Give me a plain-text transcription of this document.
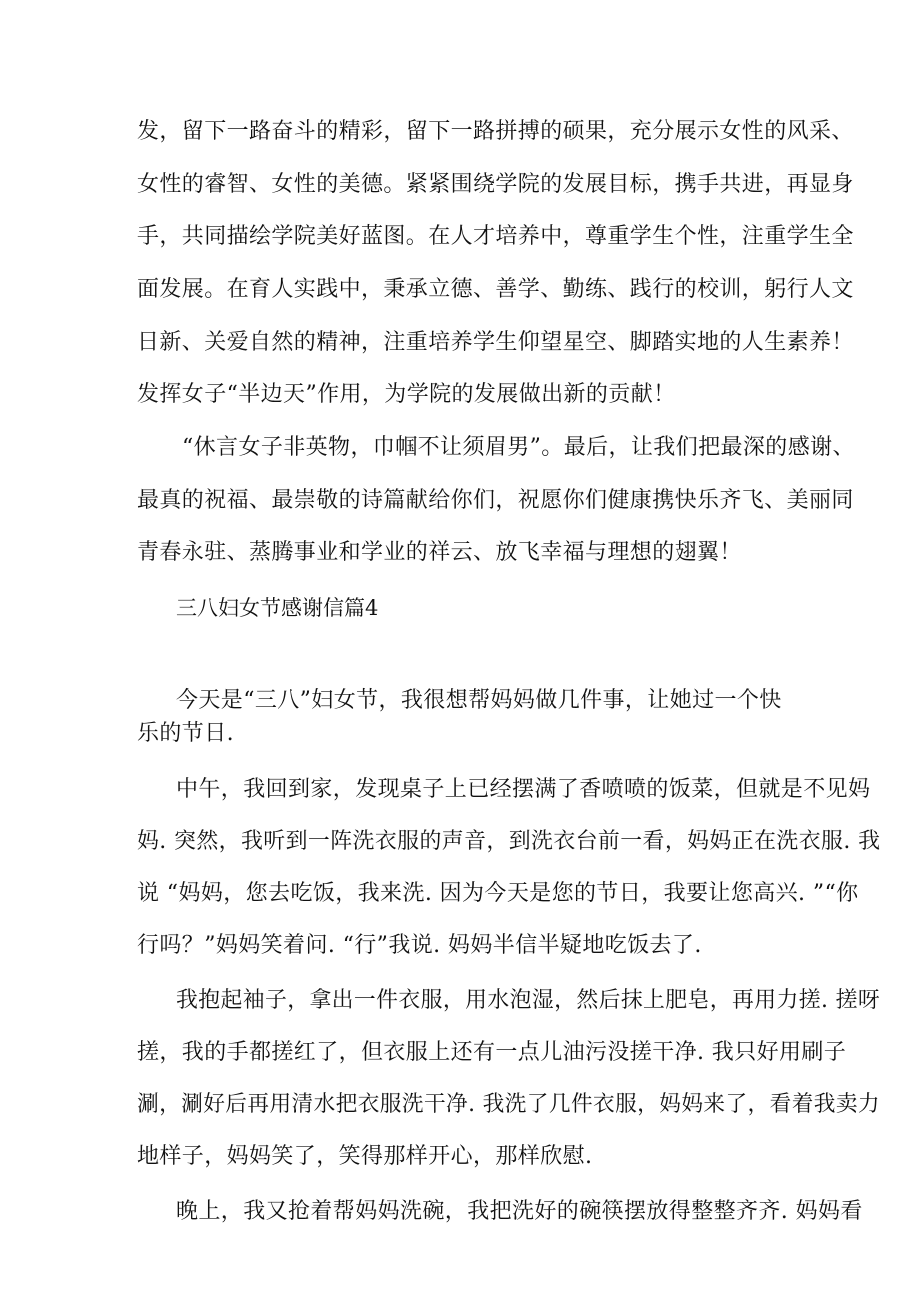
发，留下一路奋斗的精彩，留下一路拼搏的硕果，充分展示女性的风采、
女性的睿智、女性的美德。紧紧围绕学院的发展目标，携手共进，再显身
手，共同描绘学院美好蓝图。在人才培养中，尊重学生个性，注重学生全
面发展。在育人实践中，秉承立德、善学、勤练、践行的校训，躬行人文
日新、关爱自然的精神，注重培养学生仰望星空、脚踏实地的人生素养！
发挥女子“半边天”作用，为学院的发展做出新的贡献！
“休言女子非英物，巾帼不让须眉男”。最后，让我们把最深的感谢、
最真的祝福、最崇敬的诗篇献给你们，祝愿你们健康携快乐齐飞、美丽同
青春永驻、蒸腾事业和学业的祥云、放飞幸福与理想的翅翼！
三八妇女节感谢信篇4
今天是“三八”妇女节，我很想帮妈妈做几件事，让她过一个快
乐的节日.
中午，我回到家，发现桌子上已经摆满了香喷喷的饭菜，但就是不见妈
妈. 突然，我听到一阵洗衣服的声音，到洗衣台前一看，妈妈正在洗衣服. 我
说 “妈妈，您去吃饭，我来洗. 因为今天是您的节日，我要让您高兴. ”“你
行吗？”妈妈笑着问. “行”我说. 妈妈半信半疑地吃饭去了.
我抱起袖子，拿出一件衣服，用水泡湿，然后抹上肥皂，再用力搓. 搓呀
搓，我的手都搓红了，但衣服上还有一点儿油污没搓干净. 我只好用刷子
涮，涮好后再用清水把衣服洗干净. 我洗了几件衣服，妈妈来了，看着我卖力
地样子，妈妈笑了，笑得那样开心，那样欣慰.
晚上，我又抢着帮妈妈洗碗，我把洗好的碗筷摆放得整整齐齐. 妈妈看
